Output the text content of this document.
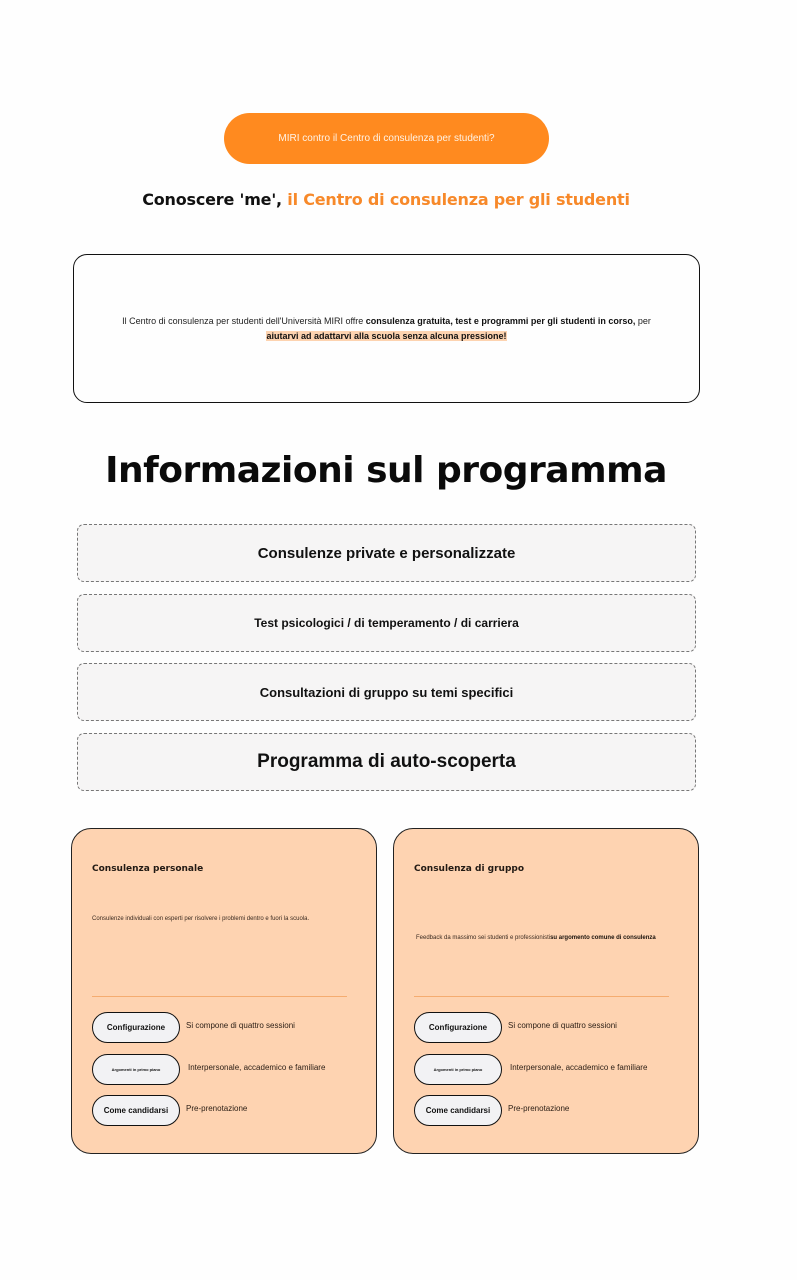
MIRI contro il Centro di consulenza per studenti?
Conoscere 'me', il Centro di consulenza per gli studenti

Il Centro di consulenza per studenti dell'Università MIRI offre consulenza gratuita, test e programmi per gli studenti in corso, per
aiutarvi ad adattarvi alla scuola senza alcuna pressione!

Informazioni sul programma
Consulenze private e personalizzate
Test psicologici / di temperamento / di carriera
Consultazioni di gruppo su temi specifici
Programma di auto-scoperta
Consulenza personale
Consulenze individuali con esperti per risolvere i problemi dentro e fuori la scuola.
Configurazione	Si compone di quattro sessioni
Argomenti in primo piano	Interpersonale, accademico e familiare
Come candidarsi	Pre-prenotazione
Consulenza di gruppo
Feedback da massimo sei studenti e professionistisu argomento comune di consulenza
Configurazione	Si compone di quattro sessioni
Argomenti in primo piano	Interpersonale, accademico e familiare
Come candidarsi	Pre-prenotazione
